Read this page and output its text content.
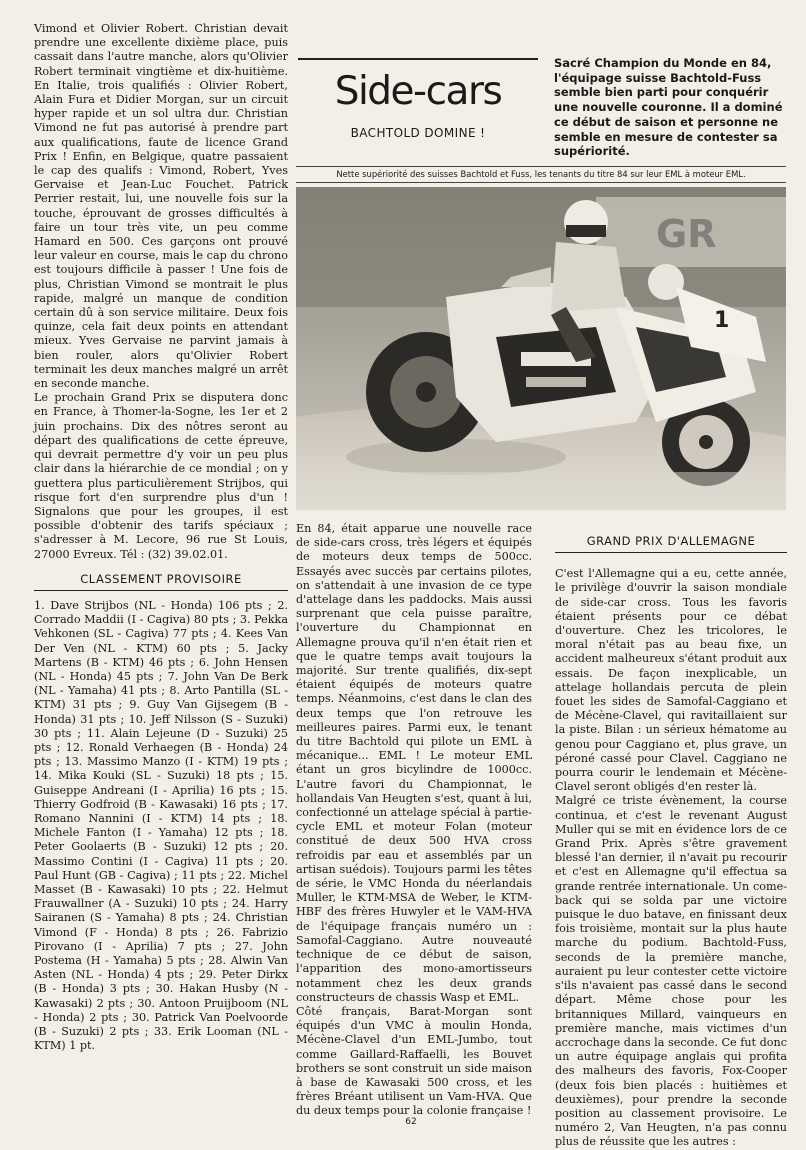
Vimond et Olivier Robert. Christian devait prendre une excellente dixième place, puis cassait dans l'autre manche, alors qu'Olivier Robert terminait vingtième et dix-huitième. En Italie, trois qualifiés : Olivier Robert, Alain Fura et Didier Morgan, sur un circuit hyper rapide et un sol ultra dur. Christian Vimond ne fut pas autorisé à prendre part aux qualifications, faute de licence Grand Prix ! Enfin, en Belgique, quatre passaient le cap des qualifs : Vimond, Robert, Yves Gervaise et Jean-Luc Fouchet. Patrick Perrier restait, lui, une nouvelle fois sur la touche, éprouvant de grosses difficultés à faire un tour très vite, un peu comme Hamard en 500. Ces garçons ont prouvé leur valeur en course, mais le cap du chrono est toujours difficile à passer ! Une fois de plus, Christian Vimond se montrait le plus rapide, malgré un manque de condition certain dû à son service militaire. Deux fois quinze, cela fait deux points en attendant mieux. Yves Gervaise ne parvint jamais à bien rouler, alors qu'Olivier Robert terminait les deux manches malgré un arrêt en seconde manche.

Le prochain Grand Prix se disputera donc en France, à Thomer-la-Sogne, les 1er et 2 juin prochains. Dix des nôtres seront au départ des qualifications de cette épreuve, qui devrait permettre d'y voir un peu plus clair dans la hiérarchie de ce mondial ; on y guettera plus particulièrement Strijbos, qui risque fort d'en surprendre plus d'un ! Signalons que pour les groupes, il est possible d'obtenir des tarifs spéciaux ; s'adresser à M. Lecore, 96 rue St Louis, 27000 Evreux. Tél : (32) 39.02.01.

CLASSEMENT PROVISOIRE

1. Dave Strijbos (NL - Honda) 106 pts ; 2. Corrado Maddii (I - Cagiva) 80 pts ; 3. Pekka Vehkonen (SL - Cagiva) 77 pts ; 4. Kees Van Der Ven (NL - KTM) 60 pts ; 5. Jacky Martens (B - KTM) 46 pts ; 6. John Hensen (NL - Honda) 45 pts ; 7. John Van De Berk (NL - Yamaha) 41 pts ; 8. Arto Pantilla (SL - KTM) 31 pts ; 9. Guy Van Gijsegem (B - Honda) 31 pts ; 10. Jeff Nilsson (S - Suzuki) 30 pts ; 11. Alain Lejeune (D - Suzuki) 25 pts ; 12. Ronald Verhaegen (B - Honda) 24 pts ; 13. Massimo Manzo (I - KTM) 19 pts ; 14. Mika Kouki (SL - Suzuki) 18 pts ; 15. Guiseppe Andreani (I - Aprilia) 16 pts ; 15. Thierry Godfroid (B - Kawasaki) 16 pts ; 17. Romano Nannini (I - KTM) 14 pts ; 18. Michele Fanton (I - Yamaha) 12 pts ; 18. Peter Goolaerts (B - Suzuki) 12 pts ; 20. Massimo Contini (I - Cagiva) 11 pts ; 20. Paul Hunt (GB - Cagiva) ; 11 pts ; 22. Michel Masset (B - Kawasaki) 10 pts ; 22. Helmut Frauwallner (A - Suzuki) 10 pts ; 24. Harry Sairanen (S - Yamaha) 8 pts ; 24. Christian Vimond (F - Honda) 8 pts ; 26. Fabrizio Pirovano (I - Aprilia) 7 pts ; 27. John Postema (H - Yamaha) 5 pts ; 28. Alwin Van Asten (NL - Honda) 4 pts ; 29. Peter Dirkx (B - Honda) 3 pts ; 30. Hakan Husby (N - Kawasaki) 2 pts ; 30. Antoon Pruijboom (NL - Honda) 2 pts ; 30. Patrick Van Poelvoorde (B - Suzuki) 2 pts ; 33. Erik Looman (NL - KTM) 1 pt.

Side-cars
BACHTOLD DOMINE !
Sacré Champion du Monde en 84, l'équipage suisse Bachtold-Fuss semble bien parti pour conquérir une nouvelle couronne. Il a dominé ce début de saison et personne ne semble en mesure de contester sa supériorité.
Nette supériorité des suisses Bachtold et Fuss, les tenants du titre 84 sur leur EML à moteur EML.
GR
1

En 84, était apparue une nouvelle race de side-cars cross, très légers et équipés de moteurs deux temps de 500cc. Essayés avec succès par certains pilotes, on s'attendait à une invasion de ce type d'attelage dans les paddocks. Mais aussi surprenant que cela puisse paraître, l'ouverture du Championnat en Allemagne prouva qu'il n'en était rien et que le quatre temps avait toujours la majorité. Sur trente qualifiés, dix-sept étaient équipés de moteurs quatre temps. Néanmoins, c'est dans le clan des deux temps que l'on retrouve les meilleures paires. Parmi eux, le tenant du titre Bachtold qui pilote un EML à mécanique... EML ! Le moteur EML étant un gros bicylindre de 1000cc. L'autre favori du Championnat, le hollandais Van Heugten s'est, quant à lui, confectionné un attelage spécial à partie-cycle EML et moteur Folan (moteur constitué de deux 500 HVA cross refroidis par eau et assemblés par un artisan suédois). Toujours parmi les têtes de série, le VMC Honda du néerlandais Muller, le KTM-MSA de Weber, le KTM-HBF des frères Huwyler et le VAM-HVA de l'équipage français numéro un : Samofal-Caggiano. Autre nouveauté technique de ce début de saison, l'apparition des mono-amortisseurs notamment chez les deux grands constructeurs de chassis Wasp et EML.

Côté français, Barat-Morgan sont équipés d'un VMC à moulin Honda, Mécène-Clavel d'un EML-Jumbo, tout comme Gaillard-Raffaelli, les Bouvet brothers se sont construit un side maison à base de Kawasaki 500 cross, et les frères Bréant utilisent un Vam-HVA. Que du deux temps pour la colonie française !

GRAND PRIX D'ALLEMAGNE

C'est l'Allemagne qui a eu, cette année, le privilège d'ouvrir la saison mondiale de side-car cross. Tous les favoris étaient présents pour ce débat d'ouverture. Chez les tricolores, le moral n'était pas au beau fixe, un accident malheureux s'étant produit aux essais. De façon inexplicable, un attelage hollandais percuta de plein fouet les sides de Samofal-Caggiano et de Mécène-Clavel, qui ravitaillaient sur la piste. Bilan : un sérieux hématome au genou pour Caggiano et, plus grave, un péroné cassé pour Clavel. Caggiano ne pourra courir le lendemain et Mécène-Clavel seront obligés d'en rester là.

Malgré ce triste évènement, la course continua, et c'est le revenant August Muller qui se mit en évidence lors de ce Grand Prix. Après s'être gravement blessé l'an dernier, il n'avait pu recourir et c'est en Allemagne qu'il effectua sa grande rentrée internationale. Un come-back qui se solda par une victoire puisque le duo batave, en finissant deux fois troisième, montait sur la plus haute marche du podium. Bachtold-Fuss, seconds de la première manche, auraient pu leur contester cette victoire s'ils n'avaient pas cassé dans le second départ. Même chose pour les britanniques Millard, vainqueurs en première manche, mais victimes d'un accrochage dans la seconde. Ce fut donc un autre équipage anglais qui profita des malheurs des favoris, Fox-Cooper (deux fois bien placés : huitièmes et deuxièmes), pour prendre la seconde position au classement provisoire. Le numéro 2, Van Heugten, n'a pas connu plus de réussite que les autres :

62
